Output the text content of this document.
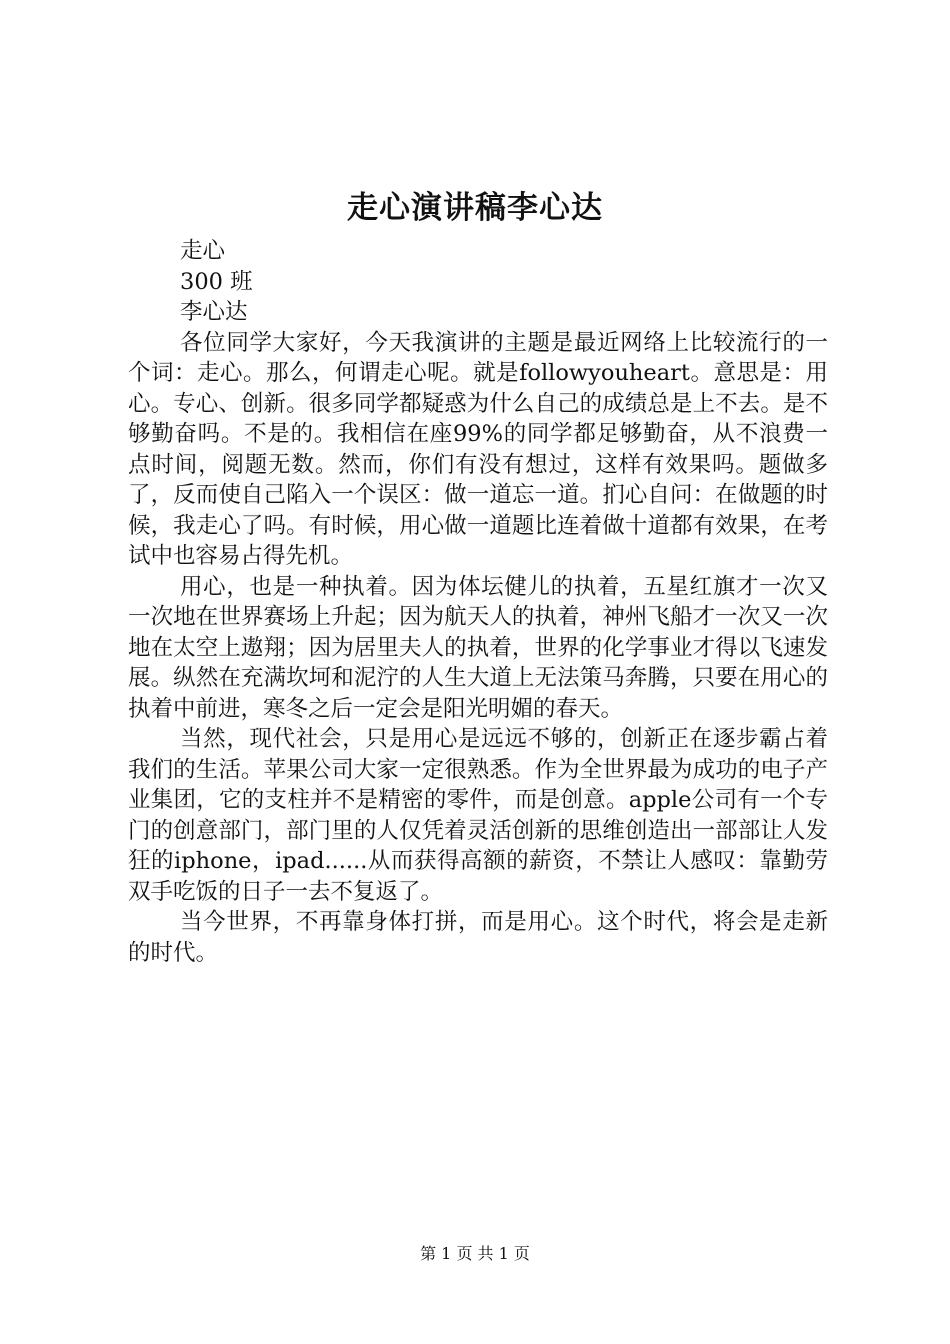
走心演讲稿李心达

走心

300 班

李心达

各位同学大家好，今天我演讲的主题是最近网络上比较流行的一个词：走心。那么，何谓走心呢。就是followyouheart。意思是：用心。专心、创新。很多同学都疑惑为什么自己的成绩总是上不去。是不够勤奋吗。不是的。我相信在座99%的同学都足够勤奋，从不浪费一点时间，阅题无数。然而，你们有没有想过，这样有效果吗。题做多了，反而使自己陷入一个误区：做一道忘一道。扪心自问：在做题的时候，我走心了吗。有时候，用心做一道题比连着做十道都有效果，在考试中也容易占得先机。

用心，也是一种执着。因为体坛健儿的执着，五星红旗才一次又一次地在世界赛场上升起；因为航天人的执着，神州飞船才一次又一次地在太空上遨翔；因为居里夫人的执着，世界的化学事业才得以飞速发展。纵然在充满坎坷和泥泞的人生大道上无法策马奔腾，只要在用心的执着中前进，寒冬之后一定会是阳光明媚的春天。

当然，现代社会，只是用心是远远不够的，创新正在逐步霸占着我们的生活。苹果公司大家一定很熟悉。作为全世界最为成功的电子产业集团，它的支柱并不是精密的零件，而是创意。apple公司有一个专门的创意部门，部门里的人仅凭着灵活创新的思维创造出一部部让人发狂的iphone，ipad......从而获得高额的薪资，不禁让人感叹：靠勤劳双手吃饭的日子一去不复返了。

当今世界，不再靠身体打拼，而是用心。这个时代，将会是走新的时代。

第 1 页 共 1 页
